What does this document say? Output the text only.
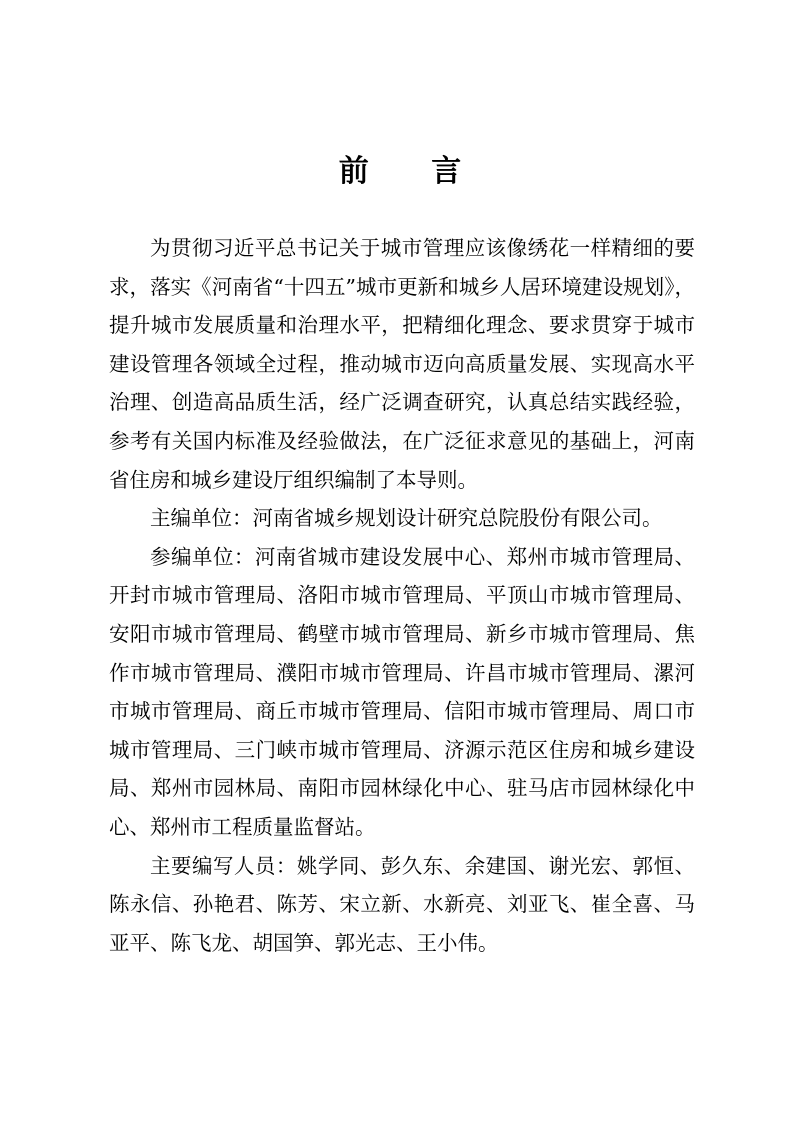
前 言

为贯彻习近平总书记关于城市管理应该像绣花一样精细的要求，落实《河南省“十四五”城市更新和城乡人居环境建设规划》，提升城市发展质量和治理水平，把精细化理念、要求贯穿于城市建设管理各领域全过程，推动城市迈向高质量发展、实现高水平治理、创造高品质生活，经广泛调查研究，认真总结实践经验，参考有关国内标准及经验做法，在广泛征求意见的基础上，河南省住房和城乡建设厅组织编制了本导则。

主编单位：河南省城乡规划设计研究总院股份有限公司。

参编单位：河南省城市建设发展中心、郑州市城市管理局、开封市城市管理局、洛阳市城市管理局、平顶山市城市管理局、安阳市城市管理局、鹤壁市城市管理局、新乡市城市管理局、焦作市城市管理局、濮阳市城市管理局、许昌市城市管理局、漯河市城市管理局、商丘市城市管理局、信阳市城市管理局、周口市城市管理局、三门峡市城市管理局、济源示范区住房和城乡建设局、郑州市园林局、南阳市园林绿化中心、驻马店市园林绿化中心、郑州市工程质量监督站。

主要编写人员：姚学同、彭久东、余建国、谢光宏、郭恒、陈永信、孙艳君、陈芳、宋立新、水新亮、刘亚飞、崔全喜、马亚平、陈飞龙、胡国笋、郭光志、王小伟。
